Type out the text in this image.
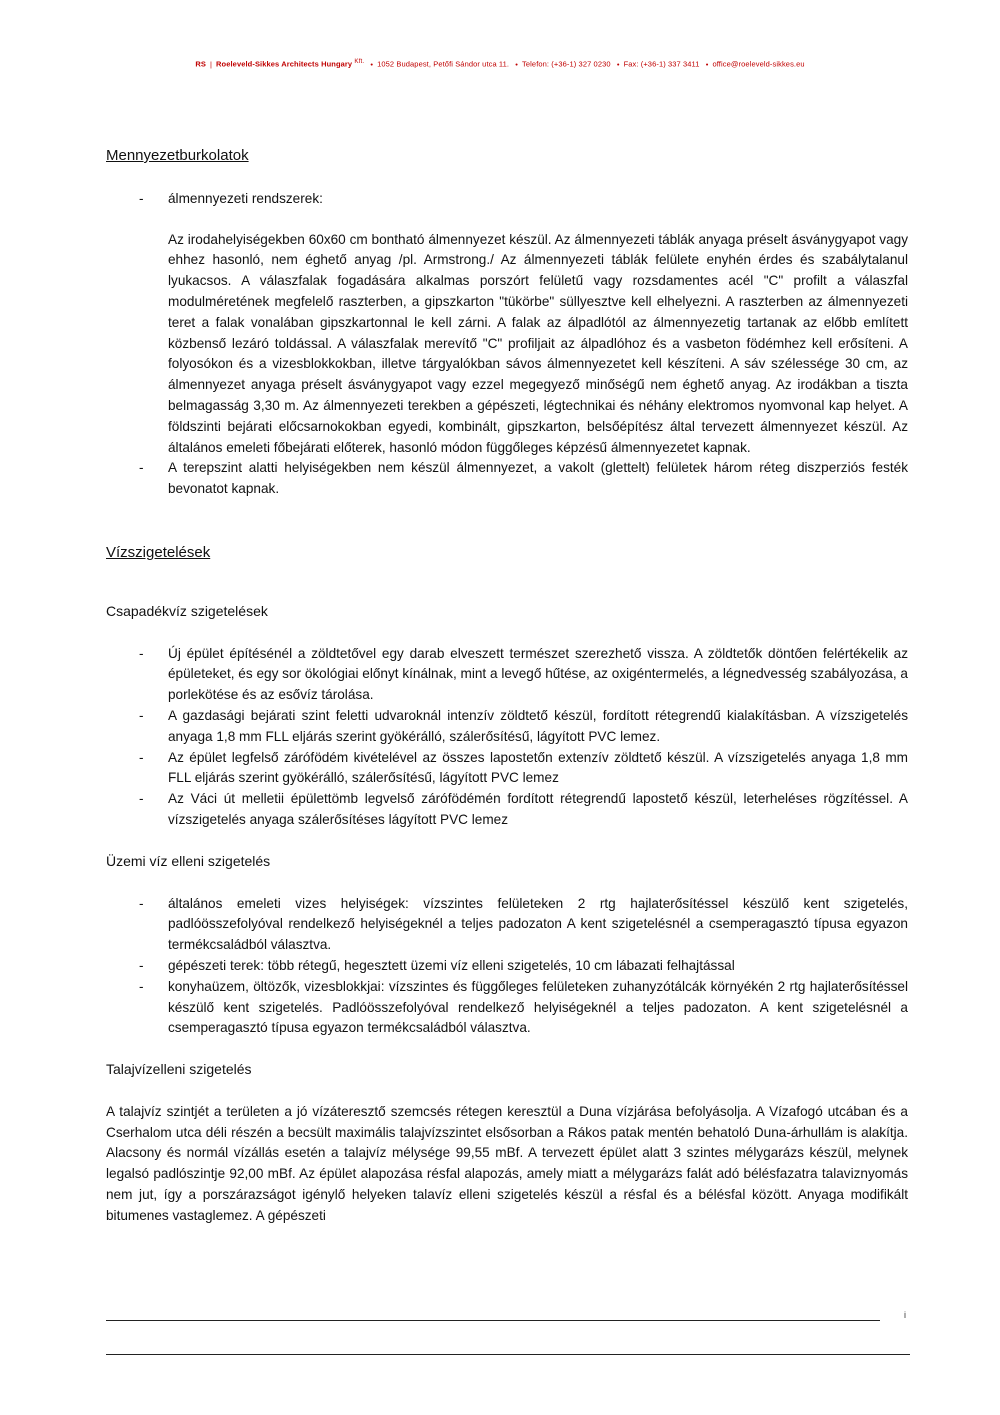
RS | Roeleveld-Sikkes Architects Hungary $^{Kft.}$ • 1052 Budapest, Petőfi Sándor utca 11. • Telefon: (+36-1) 327 0230 • Fax: (+36-1) 337 3411 • office@roeleveld-sikkes.eu

Mennyezetburkolatok

- álmennyezeti rendszerek:

Az irodahelyiségekben 60x60 cm bontható álmennyezet készül. Az álmennyezeti táblák anyaga préselt ásványgyapot vagy ehhez hasonló, nem éghető anyag /pl. Armstrong./ Az álmennyezeti táblák felülete enyhén érdes és szabálytalanul lyukacsos. A válaszfalak fogadására alkalmas porszórt felületű vagy rozsdamentes acél "C" profilt a válaszfal modulméretének megfelelő raszterben, a gipszkarton "tükörbe" süllyesztve kell elhelyezni. A raszterben az álmennyezeti teret a falak vonalában gipszkartonnal le kell zárni. A falak az álpadlótól az álmennyezetig tartanak az előbb említett közbenső lezáró toldással. A válaszfalak merevítő "C" profiljait az álpadlóhoz és a vasbeton födémhez kell erősíteni. A folyosókon és a vizesblokkokban, illetve tárgyalókban sávos álmennyezetet kell készíteni. A sáv szélessége 30 cm, az álmennyezet anyaga préselt ásványgyapot vagy ezzel megegyező minőségű nem éghető anyag. Az irodákban a tiszta belmagasság 3,30 m. Az álmennyezeti terekben a gépészeti, légtechnikai és néhány elektromos nyomvonal kap helyet. A földszinti bejárati előcsarnokokban egyedi, kombinált, gipszkarton, belsőépítész által tervezett álmennyezet készül. Az általános emeleti főbejárati előterek, hasonló módon függőleges képzésű álmennyezetet kapnak.

- A terepszint alatti helyiségekben nem készül álmennyezet, a vakolt (glettelt) felületek három réteg diszperziós festék bevonatot kapnak.

Vízszigetelések

Csapadékvíz szigetelések

- Új épület építésénél a zöldtetővel egy darab elveszett természet szerezhető vissza. A zöldtetők döntően felértékelik az épületeket, és egy sor ökológiai előnyt kínálnak, mint a levegő hűtése, az oxigéntermelés, a légnedvesség szabályozása, a porlekötése és az esővíz tárolása.
- A gazdasági bejárati szint feletti udvaroknál intenzív zöldtető készül, fordított rétegrendű kialakításban. A vízszigetelés anyaga 1,8 mm FLL eljárás szerint gyökérálló, szálerősítésű, lágyított PVC lemez.
- Az épület legfelső zárófödém kivételével az összes lapostetőn extenzív zöldtető készül. A vízszigetelés anyaga 1,8 mm FLL eljárás szerint gyökérálló, szálerősítésű, lágyított PVC lemez
- Az Váci út melletii épülettömb legvelső zárófödémén fordított rétegrendű lapostető készül, leterheléses rögzítéssel. A vízszigetelés anyaga szálerősítéses lágyított PVC lemez

Üzemi víz elleni szigetelés

- általános emeleti vizes helyiségek: vízszintes felületeken 2 rtg hajlaterősítéssel készülő kent szigetelés, padlóösszefolyóval rendelkező helyiségeknél a teljes padozaton A kent szigetelésnél a csemperagasztó típusa egyazon termékcsaládból választva.
- gépészeti terek: több rétegű, hegesztett üzemi víz elleni szigetelés, 10 cm lábazati felhajtással
- konyhaüzem, öltözők, vizesblokkjai: vízszintes és függőleges felületeken zuhanyzótálcák környékén 2 rtg hajlaterősítéssel készülő kent szigetelés. Padlóösszefolyóval rendelkező helyiségeknél a teljes padozaton. A kent szigetelésnél a csemperagasztó típusa egyazon termékcsaládból választva.

Talajvízelleni szigetelés

A talajvíz szintjét a területen a jó vízáteresztő szemcsés rétegen keresztül a Duna vízjárása befolyásolja. A Vízafogó utcában és a Cserhalom utca déli részén a becsült maximális talajvízszintet elsősorban a Rákos patak mentén behatoló Duna-árhullám is alakítja. Alacsony és normál vízállás esetén a talajvíz mélysége 99,55 mBf. A tervezett épület alatt 3 szintes mélygarázs készül, melynek legalsó padlószintje 92,00 mBf. Az épület alapozása résfal alapozás, amely miatt a mélygarázs falát adó bélésfazatra talaviznyomás nem jut, így a porszárazságot igénylő helyeken talavíz elleni szigetelés készül a résfal és a bélésfal között. Anyaga modifikált bitumenes vastaglemez. A gépészeti

i
